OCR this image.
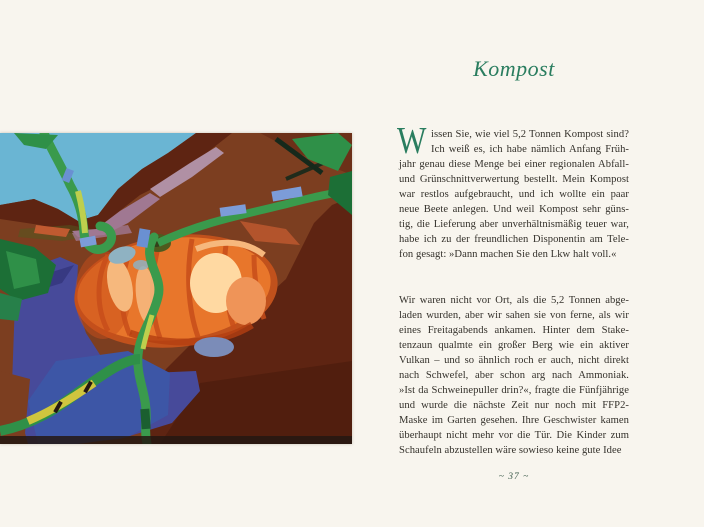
Kompost
W issen Sie, wie viel 5,2 Tonnen Kompost sind?
Ich weiß es, ich habe nämlich Anfang Früh-
jahr genau diese Menge bei einer regionalen Abfall-
und Grünschnittverwertung bestellt. Mein Kompost
war restlos aufgebraucht, und ich wollte ein paar
neue Beete anlegen. Und weil Kompost sehr güns-
tig, die Lieferung aber unverhältnismäßig teuer war,
habe ich zu der freundlichen Disponentin am Tele-
fon gesagt: »Dann machen Sie den Lkw halt voll.«
Wir waren nicht vor Ort, als die 5,2 Tonnen abge-
laden wurden, aber wir sahen sie von ferne, als wir
eines Freitagabends ankamen. Hinter dem Stake-
tenzaun qualmte ein großer Berg wie ein aktiver
Vulkan – und so ähnlich roch er auch, nicht direkt
nach Schwefel, aber schon arg nach Ammoniak.
»Ist da Schweinepuller drin?«, fragte die Fünfjährige
und wurde die nächste Zeit nur noch mit FFP2-
Maske im Garten gesehen. Ihre Geschwister kamen
überhaupt nicht mehr vor die Tür. Die Kinder zum
Schaufeln abzustellen wäre sowieso keine gute Idee
~ 37 ~
